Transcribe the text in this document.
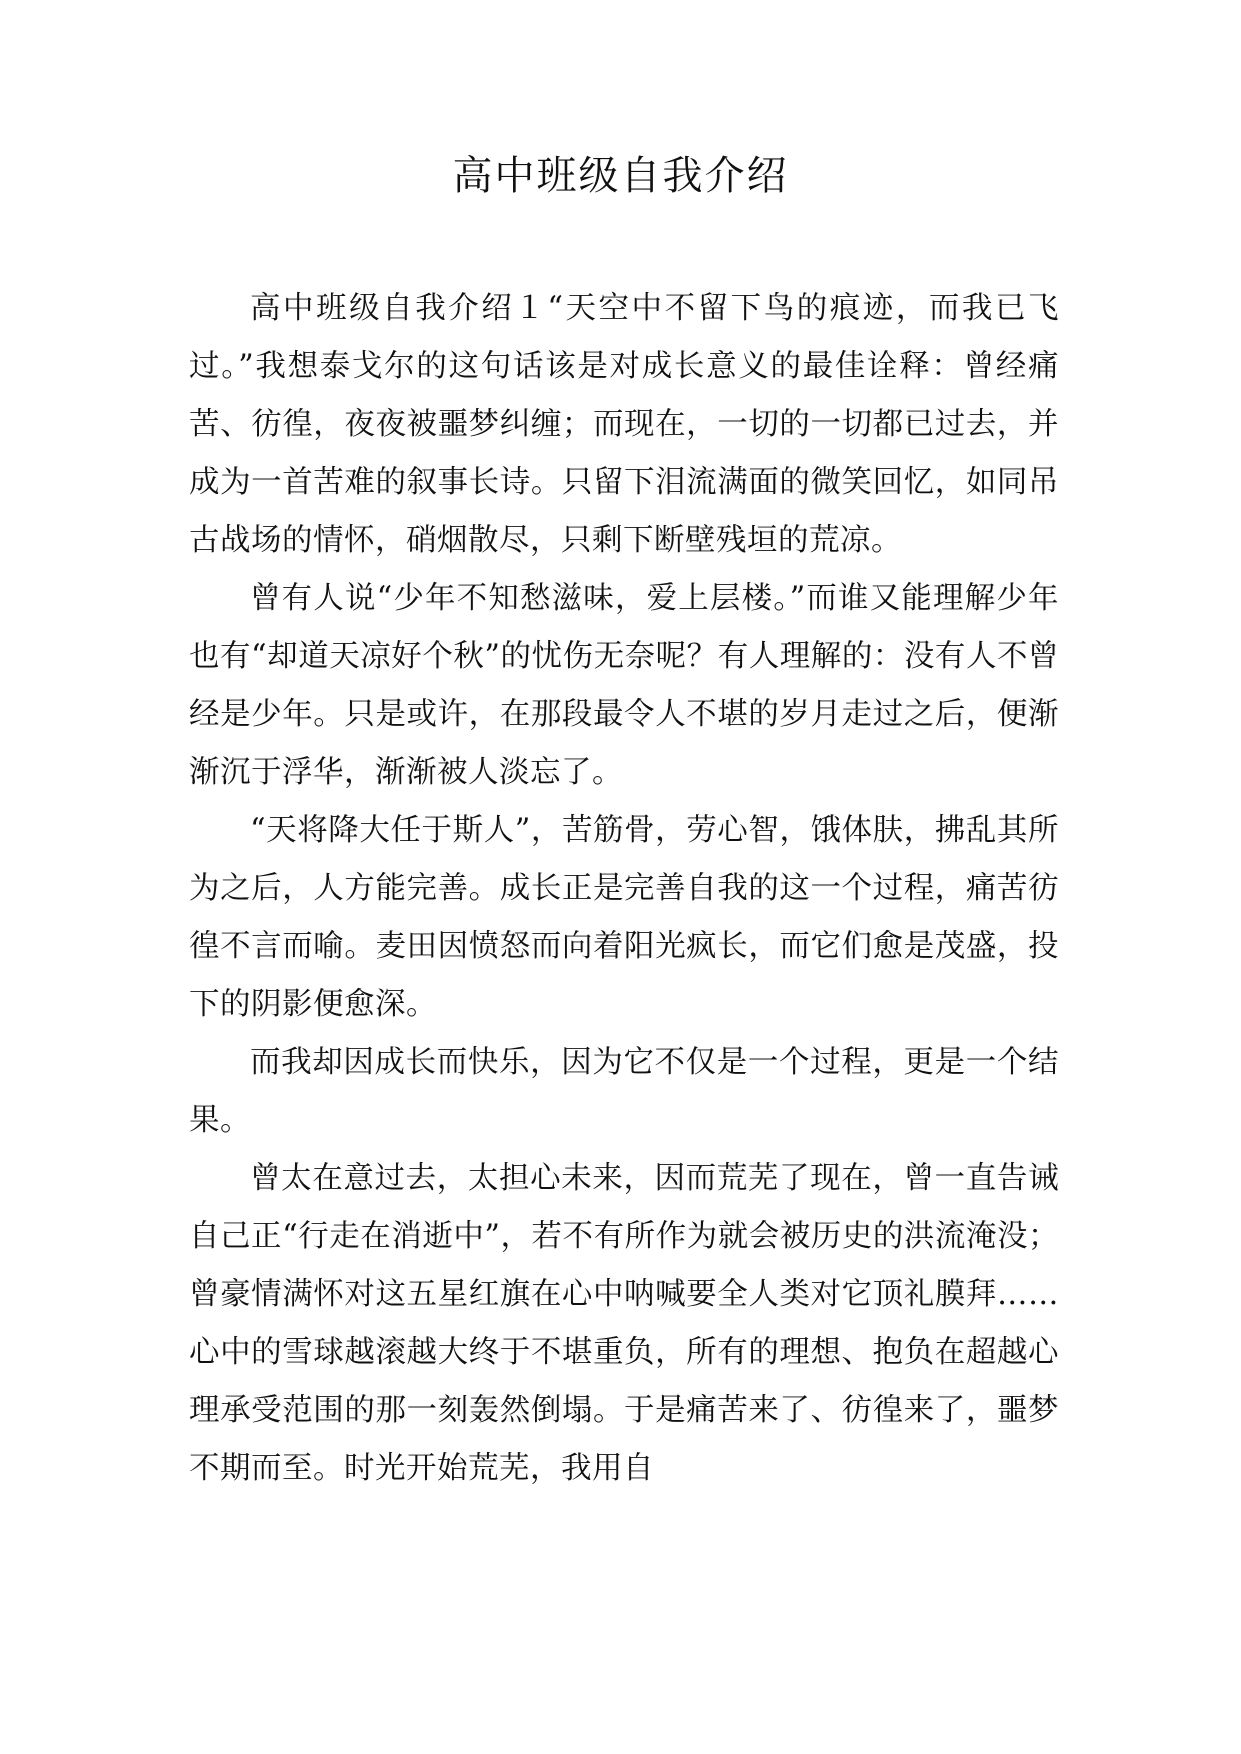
高中班级自我介绍

高中班级自我介绍１“天空中不留下鸟的痕迹，而我已飞过。”我想泰戈尔的这句话该是对成长意义的最佳诠释：曾经痛苦、彷徨，夜夜被噩梦纠缠；而现在，一切的一切都已过去，并成为一首苦难的叙事长诗。只留下泪流满面的微笑回忆，如同吊古战场的情怀，硝烟散尽，只剩下断壁残垣的荒凉。

曾有人说“少年不知愁滋味，爱上层楼。”而谁又能理解少年也有“却道天凉好个秋”的忧伤无奈呢？有人理解的：没有人不曾经是少年。只是或许，在那段最令人不堪的岁月走过之后，便渐渐沉于浮华，渐渐被人淡忘了。

“天将降大任于斯人”，苦筋骨，劳心智，饿体肤，拂乱其所为之后，人方能完善。成长正是完善自我的这一个过程，痛苦彷徨不言而喻。麦田因愤怒而向着阳光疯长，而它们愈是茂盛，投下的阴影便愈深。

而我却因成长而快乐，因为它不仅是一个过程，更是一个结果。

曾太在意过去，太担心未来，因而荒芜了现在，曾一直告诫自己正“行走在消逝中”，若不有所作为就会被历史的洪流淹没；曾豪情满怀对这五星红旗在心中呐喊要全人类对它顶礼膜拜……心中的雪球越滚越大终于不堪重负，所有的理想、抱负在超越心理承受范围的那一刻轰然倒塌。于是痛苦来了、彷徨来了，噩梦不期而至。时光开始荒芜，我用自
